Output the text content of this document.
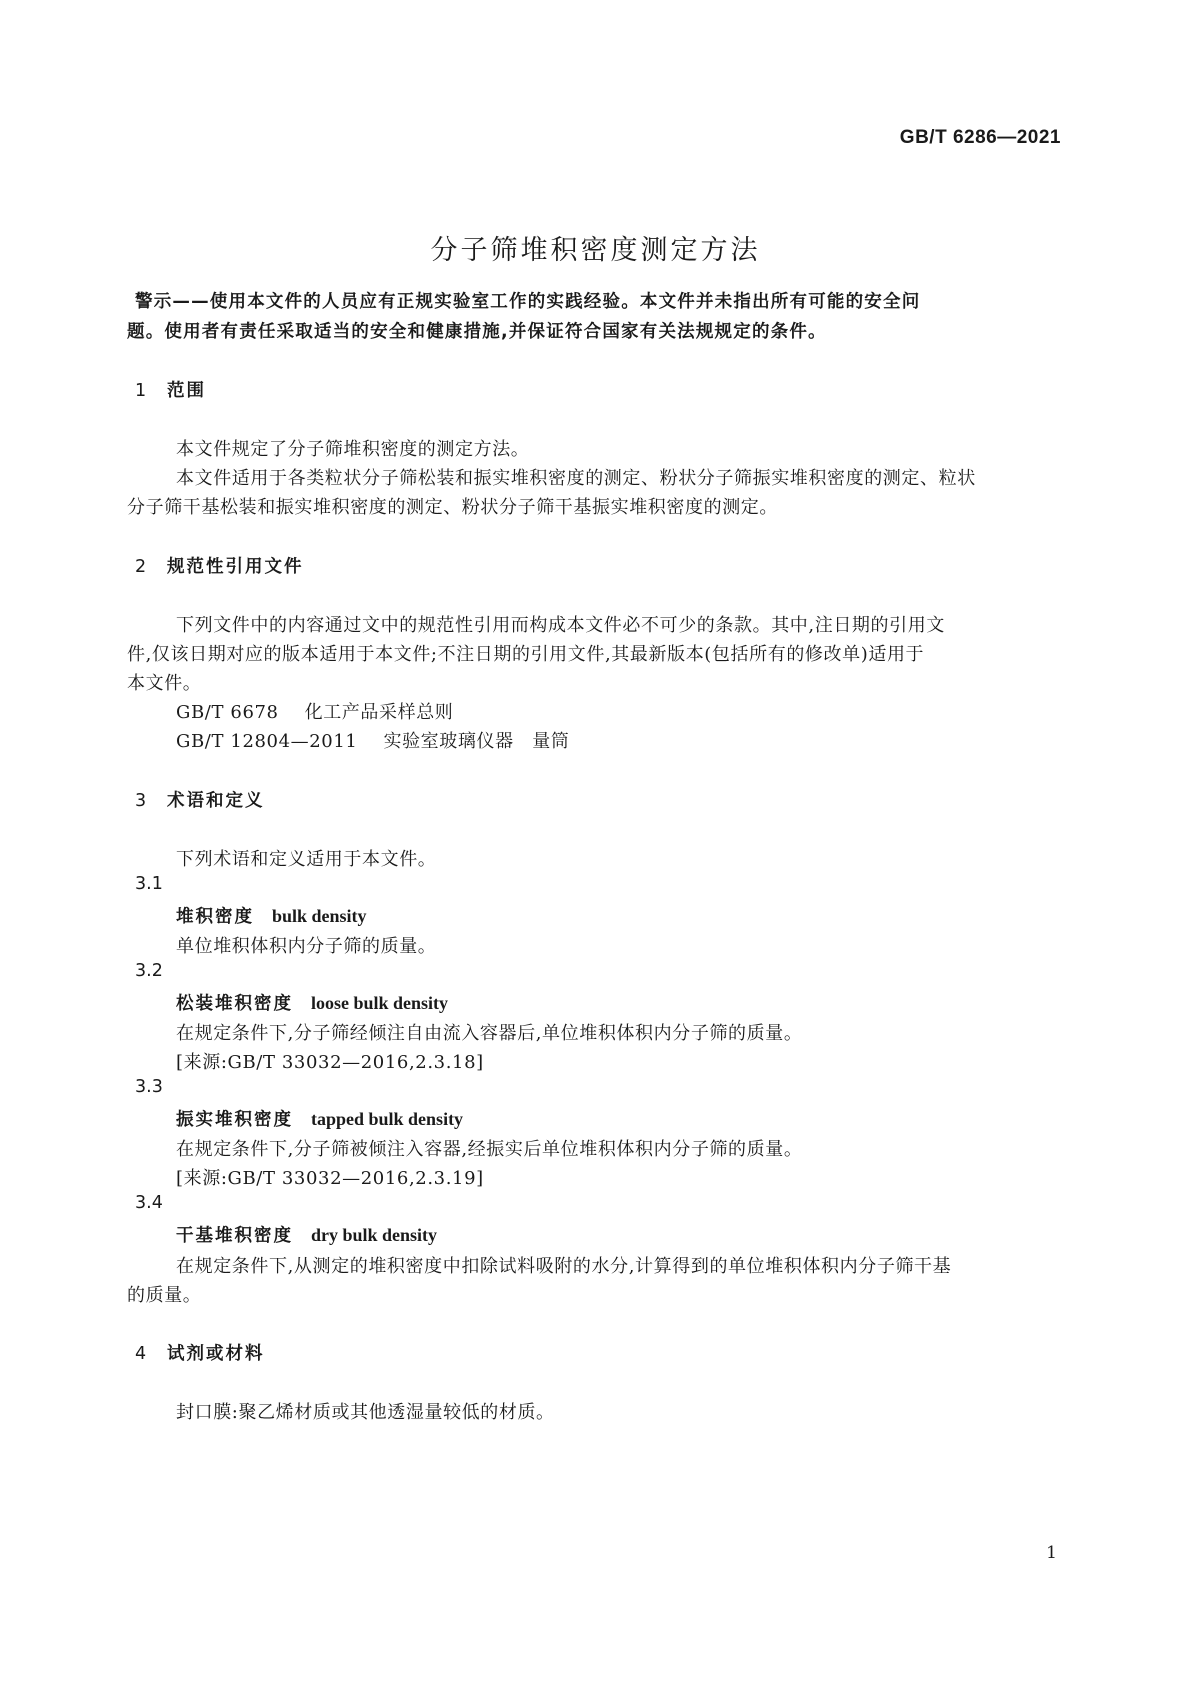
GB/T 6286—2021
分子筛堆积密度测定方法
警示——使用本文件的人员应有正规实验室工作的实践经验。本文件并未指出所有可能的安全问
题。使用者有责任采取适当的安全和健康措施,并保证符合国家有关法规规定的条件。
1 范围
本文件规定了分子筛堆积密度的测定方法。
本文件适用于各类粒状分子筛松装和振实堆积密度的测定、粉状分子筛振实堆积密度的测定、粒状
分子筛干基松装和振实堆积密度的测定、粉状分子筛干基振实堆积密度的测定。
2 规范性引用文件
下列文件中的内容通过文中的规范性引用而构成本文件必不可少的条款。其中,注日期的引用文
件,仅该日期对应的版本适用于本文件;不注日期的引用文件,其最新版本(包括所有的修改单)适用于
本文件。
GB/T 6678 化工产品采样总则
GB/T 12804—2011 实验室玻璃仪器　量筒
3 术语和定义
下列术语和定义适用于本文件。
3.1
堆积密度 bulk density
单位堆积体积内分子筛的质量。
3.2
松装堆积密度 loose bulk density
在规定条件下,分子筛经倾注自由流入容器后,单位堆积体积内分子筛的质量。
[来源:GB/T 33032—2016,2.3.18]
3.3
振实堆积密度 tapped bulk density
在规定条件下,分子筛被倾注入容器,经振实后单位堆积体积内分子筛的质量。
[来源:GB/T 33032—2016,2.3.19]
3.4
干基堆积密度 dry bulk density
在规定条件下,从测定的堆积密度中扣除试料吸附的水分,计算得到的单位堆积体积内分子筛干基
的质量。
4 试剂或材料
封口膜:聚乙烯材质或其他透湿量较低的材质。
1
